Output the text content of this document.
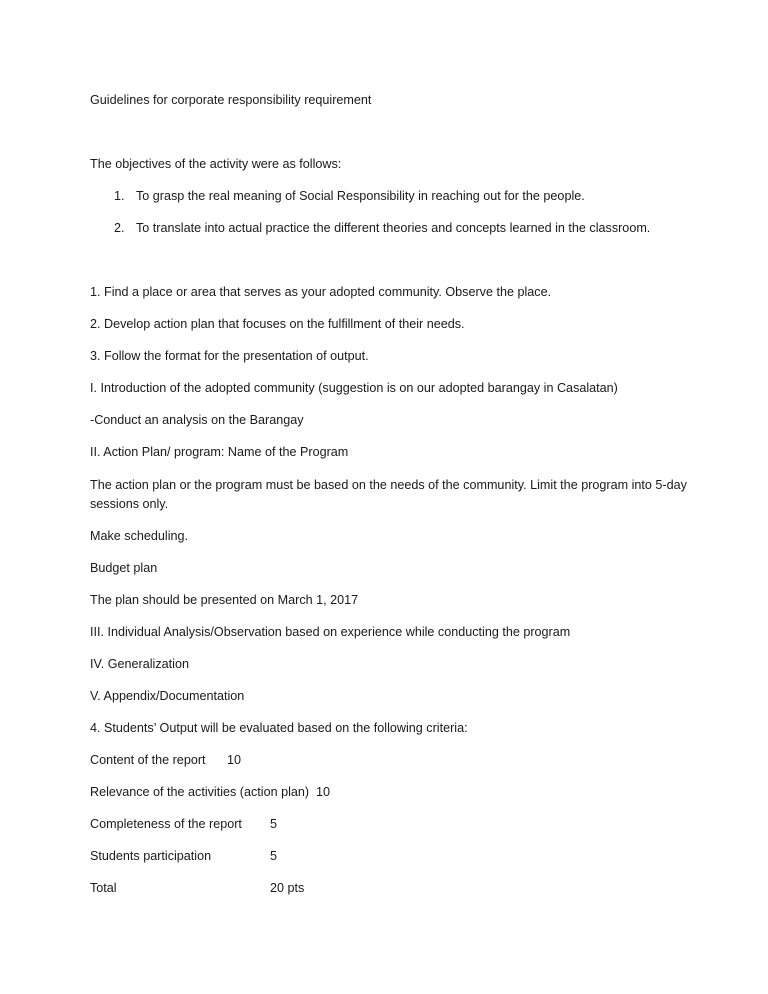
Guidelines for corporate responsibility requirement

The objectives of the activity were as follows:

1. To grasp the real meaning of Social Responsibility in reaching out for the people.
2. To translate into actual practice the different theories and concepts learned in the classroom.

1. Find a place or area that serves as your adopted community. Observe the place.

2. Develop action plan that focuses on the fulfillment of their needs.

3. Follow the format for the presentation of output.

I. Introduction of the adopted community (suggestion is on our adopted barangay in Casalatan)

-Conduct an analysis on the Barangay

II. Action Plan/ program: Name of the Program

The action plan or the program must be based on the needs of the community. Limit the program into 5-day sessions only.

Make scheduling.

Budget plan

The plan should be presented on March 1, 2017

III. Individual Analysis/Observation based on experience while conducting the program

IV. Generalization

V. Appendix/Documentation

4. Students’ Output will be evaluated based on the following criteria:

Content of the report 10
Relevance of the activities (action plan) 10
Completeness of the report 5
Students participation	5
Total	20 pts
